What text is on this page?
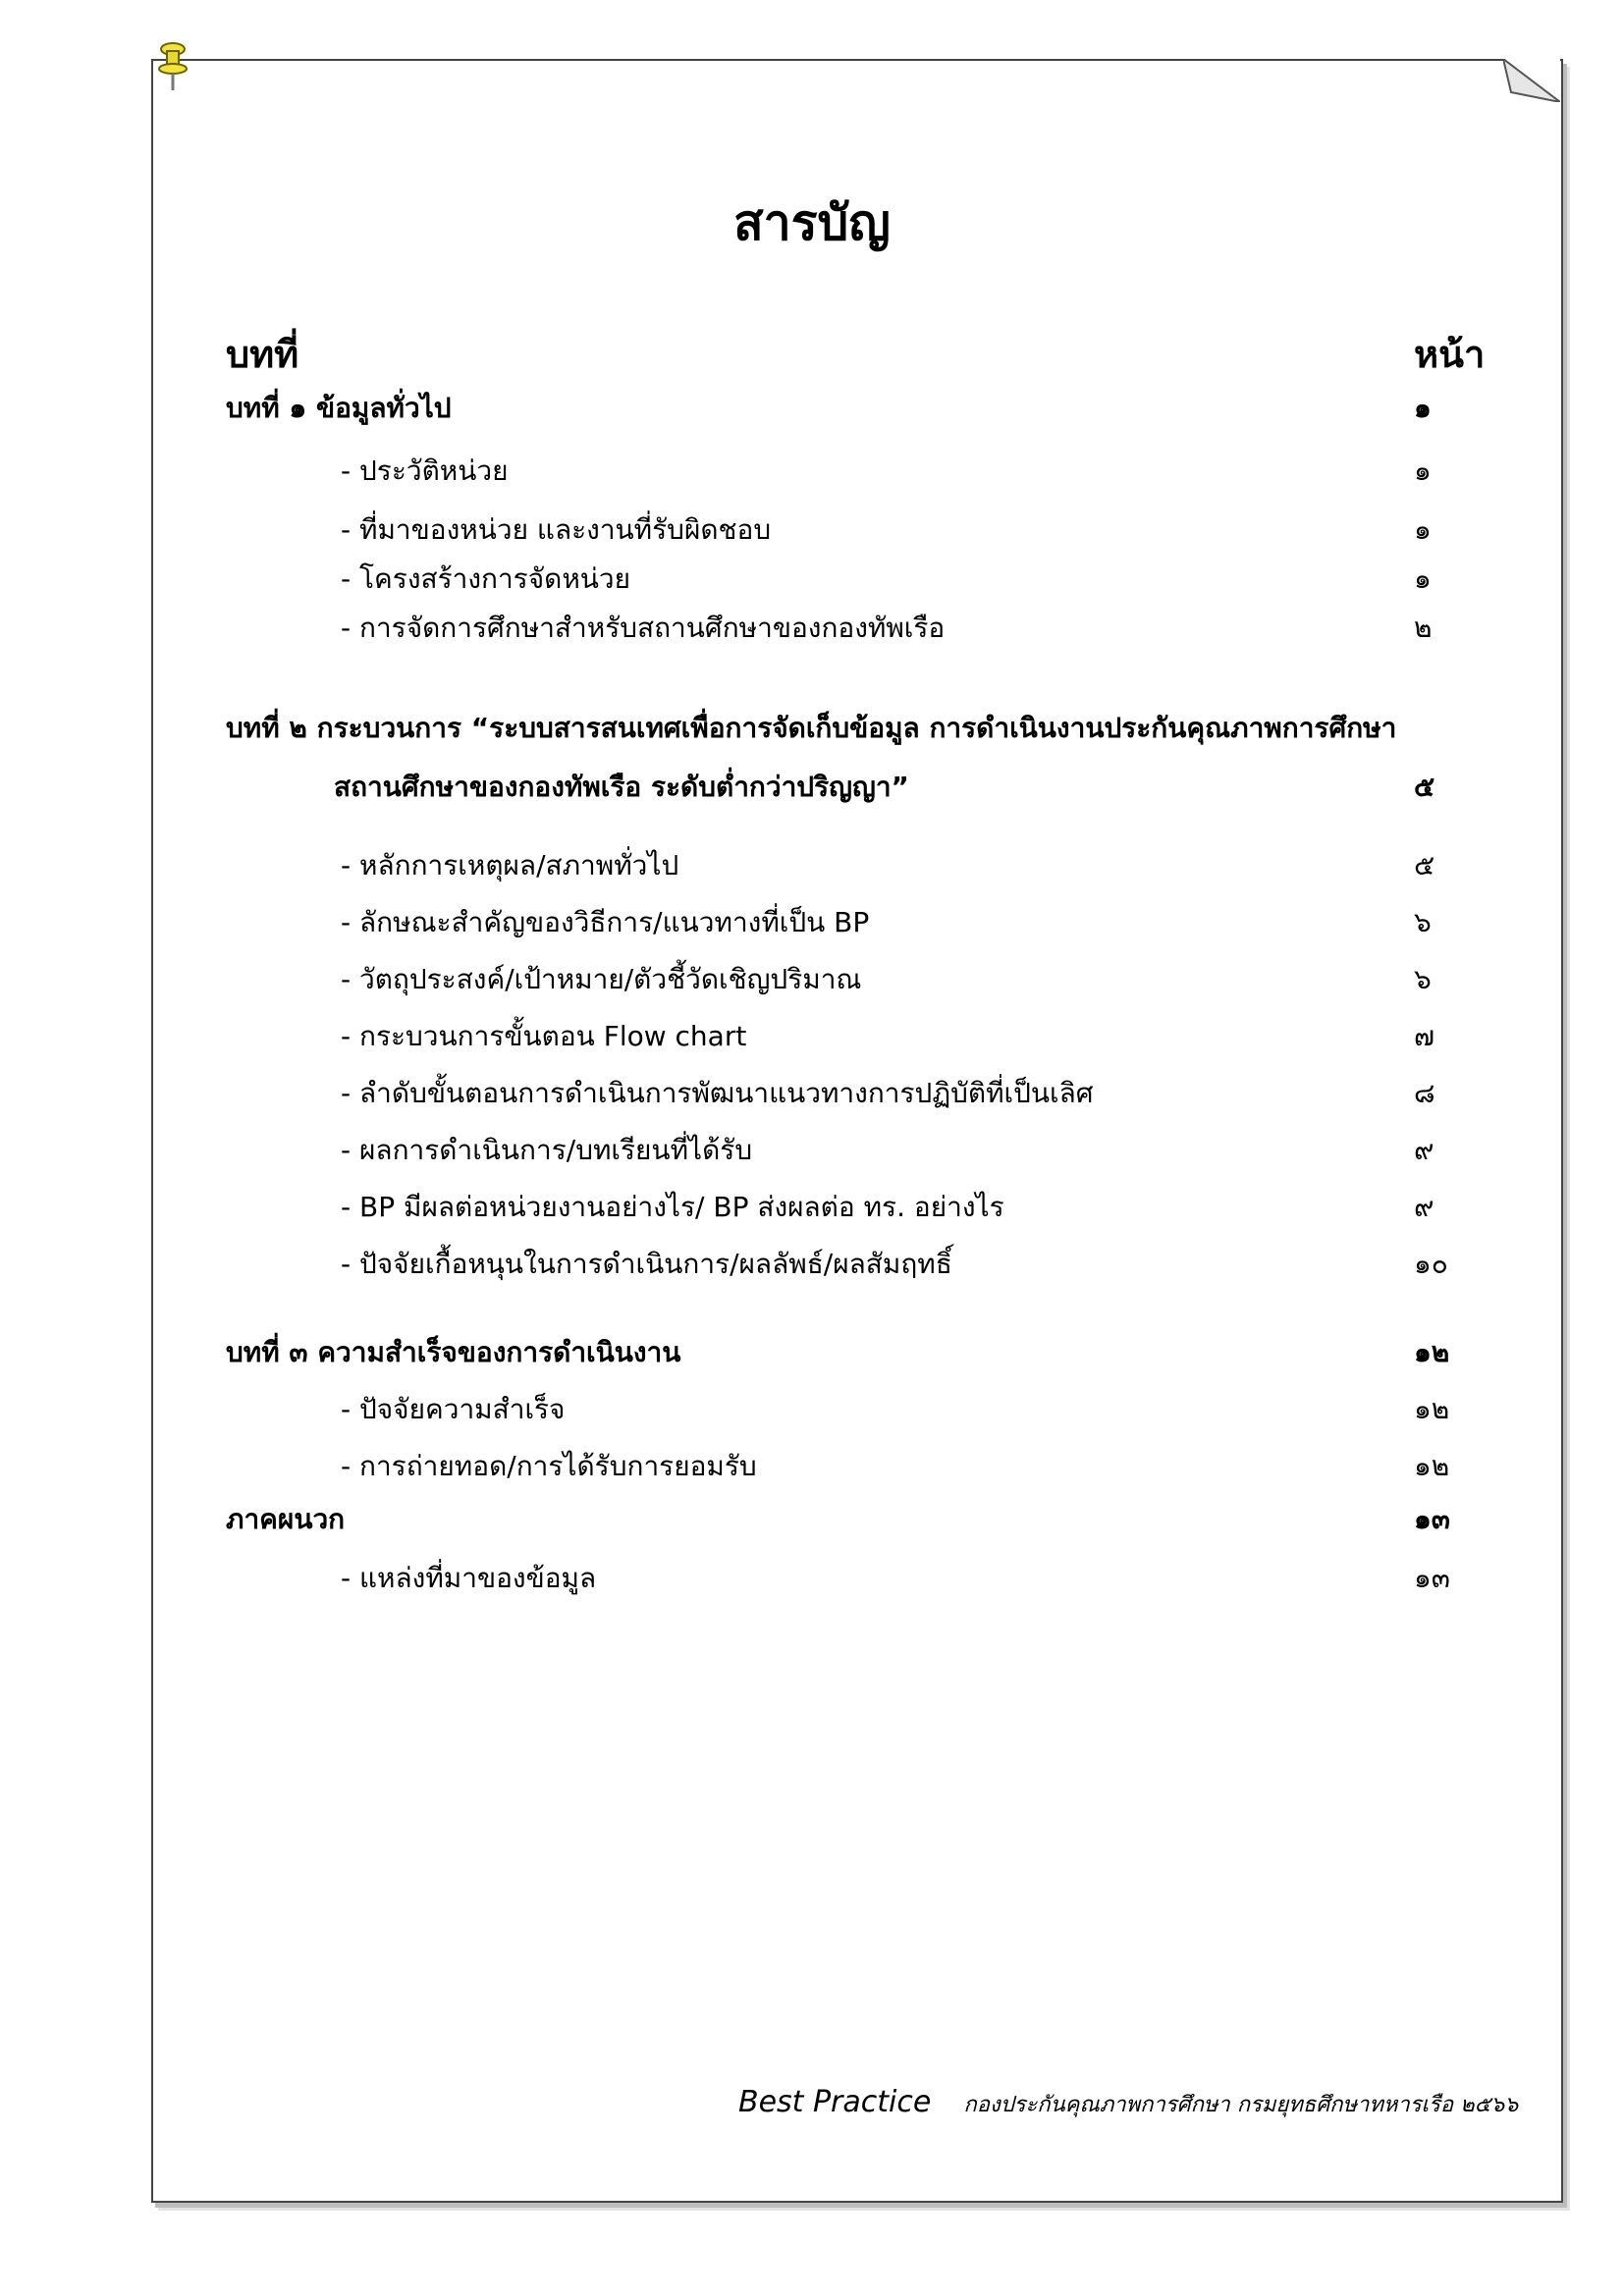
สารบัญ
บทที่	หน้า
บทที่ ๑ ข้อมูลทั่วไป	๑
- ประวัติหน่วย	๑
- ที่มาของหน่วย และงานที่รับผิดชอบ	๑
- โครงสร้างการจัดหน่วย	๑
- การจัดการศึกษาสำหรับสถานศึกษาของกองทัพเรือ	๒
บทที่ ๒ กระบวนการ “ระบบสารสนเทศเพื่อการจัดเก็บข้อมูล การดำเนินงานประกันคุณภาพการศึกษา
สถานศึกษาของกองทัพเรือ ระดับต่ำกว่าปริญญา”	๕
- หลักการเหตุผล/สภาพทั่วไป	๕
- ลักษณะสำคัญของวิธีการ/แนวทางที่เป็น BP	๖
- วัตถุประสงค์/เป้าหมาย/ตัวชี้วัดเชิญปริมาณ	๖
- กระบวนการขั้นตอน Flow chart	๗
- ลำดับขั้นตอนการดำเนินการพัฒนาแนวทางการปฏิบัติที่เป็นเลิศ	๘
- ผลการดำเนินการ/บทเรียนที่ได้รับ	๙
- BP มีผลต่อหน่วยงานอย่างไร/ BP ส่งผลต่อ ทร. อย่างไร	๙
- ปัจจัยเกื้อหนุนในการดำเนินการ/ผลลัพธ์/ผลสัมฤทธิ์	๑๐
บทที่ ๓ ความสำเร็จของการดำเนินงาน	๑๒
- ปัจจัยความสำเร็จ	๑๒
- การถ่ายทอด/การได้รับการยอมรับ	๑๒
ภาคผนวก	๑๓
- แหล่งที่มาของข้อมูล	๑๓
Best Practice กองประกันคุณภาพการศึกษา กรมยุทธศึกษาทหารเรือ ๒๕๖๖
